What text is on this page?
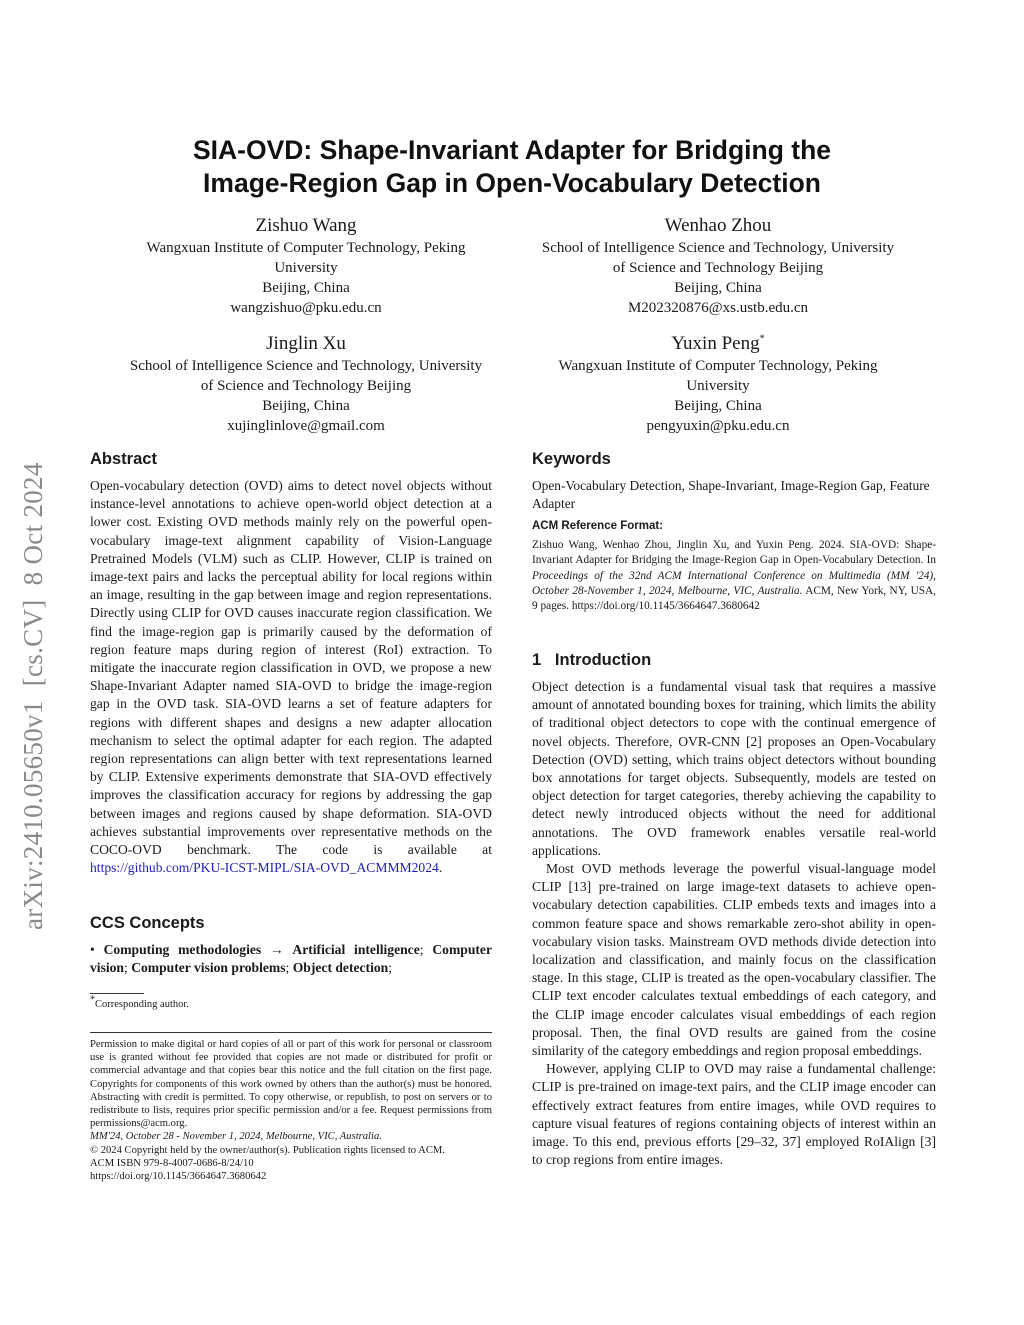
arXiv:2410.05650v1  [cs.CV]  8 Oct 2024
SIA-OVD: Shape-Invariant Adapter for Bridging the
Image-Region Gap in Open-Vocabulary Detection
Zishuo Wang
Wangxuan Institute of Computer Technology, Peking
University
Beijing, China
wangzishuo@pku.edu.cn
Wenhao Zhou
School of Intelligence Science and Technology, University
of Science and Technology Beijing
Beijing, China
M202320876@xs.ustb.edu.cn
Jinglin Xu
School of Intelligence Science and Technology, University
of Science and Technology Beijing
Beijing, China
xujinglinlove@gmail.com
Yuxin Peng*
Wangxuan Institute of Computer Technology, Peking
University
Beijing, China
pengyuxin@pku.edu.cn
Abstract

Open-vocabulary detection (OVD) aims to detect novel objects without instance-level annotations to achieve open-world object detection at a lower cost. Existing OVD methods mainly rely on the powerful open-vocabulary image-text alignment capability of Vision-Language Pretrained Models (VLM) such as CLIP. However, CLIP is trained on image-text pairs and lacks the perceptual ability for local regions within an image, resulting in the gap between image and region representations. Directly using CLIP for OVD causes inaccurate region classification. We find the image-region gap is primarily caused by the deformation of region feature maps during region of interest (RoI) extraction. To mitigate the inaccurate region classification in OVD, we propose a new Shape-Invariant Adapter named SIA-OVD to bridge the image-region gap in the OVD task. SIA-OVD learns a set of feature adapters for regions with different shapes and designs a new adapter allocation mechanism to select the optimal adapter for each region. The adapted region representations can align better with text representations learned by CLIP. Extensive experiments demonstrate that SIA-OVD effectively improves the classification accuracy for regions by addressing the gap between images and regions caused by shape deformation. SIA-OVD achieves substantial improvements over representative methods on the COCO-OVD benchmark. The code is available at https://github.com/PKU-ICST-MIPL/SIA-OVD_ACMMM2024.

CCS Concepts

• Computing methodologies → Artificial intelligence; Computer vision; Computer vision problems; Object detection;

*Corresponding author.

Permission to make digital or hard copies of all or part of this work for personal or classroom use is granted without fee provided that copies are not made or distributed for profit or commercial advantage and that copies bear this notice and the full citation on the first page. Copyrights for components of this work owned by others than the author(s) must be honored. Abstracting with credit is permitted. To copy otherwise, or republish, to post on servers or to redistribute to lists, requires prior specific permission and/or a fee. Request permissions from permissions@acm.org.

MM'24, October 28 - November 1, 2024, Melbourne, VIC, Australia.

© 2024 Copyright held by the owner/author(s). Publication rights licensed to ACM.

ACM ISBN 979-8-4007-0686-8/24/10

https://doi.org/10.1145/3664647.3680642

Keywords

Open-Vocabulary Detection, Shape-Invariant, Image-Region Gap, Feature Adapter

ACM Reference Format:

Zishuo Wang, Wenhao Zhou, Jinglin Xu, and Yuxin Peng. 2024. SIA-OVD: Shape-Invariant Adapter for Bridging the Image-Region Gap in Open-Vocabulary Detection. In Proceedings of the 32nd ACM International Conference on Multimedia (MM '24), October 28-November 1, 2024, Melbourne, VIC, Australia. ACM, New York, NY, USA, 9 pages. https://doi.org/10.1145/3664647.3680642

1   Introduction

Object detection is a fundamental visual task that requires a massive amount of annotated bounding boxes for training, which limits the ability of traditional object detectors to cope with the continual emergence of novel objects. Therefore, OVR-CNN [2] proposes an Open-Vocabulary Detection (OVD) setting, which trains object detectors without bounding box annotations for target objects. Subsequently, models are tested on object detection for target categories, thereby achieving the capability to detect newly introduced objects without the need for additional annotations. The OVD framework enables versatile real-world applications.

Most OVD methods leverage the powerful visual-language model CLIP [13] pre-trained on large image-text datasets to achieve open-vocabulary detection capabilities. CLIP embeds texts and images into a common feature space and shows remarkable zero-shot ability in open-vocabulary vision tasks. Mainstream OVD methods divide detection into localization and classification, and mainly focus on the classification stage. In this stage, CLIP is treated as the open-vocabulary classifier. The CLIP text encoder calculates textual embeddings of each category, and the CLIP image encoder calculates visual embeddings of each region proposal. Then, the final OVD results are gained from the cosine similarity of the category embeddings and region proposal embeddings.

However, applying CLIP to OVD may raise a fundamental challenge: CLIP is pre-trained on image-text pairs, and the CLIP image encoder can effectively extract features from entire images, while OVD requires to capture visual features of regions containing objects of interest within an image. To this end, previous efforts [29–32, 37] employed RoIAlign [3] to crop regions from entire images.
